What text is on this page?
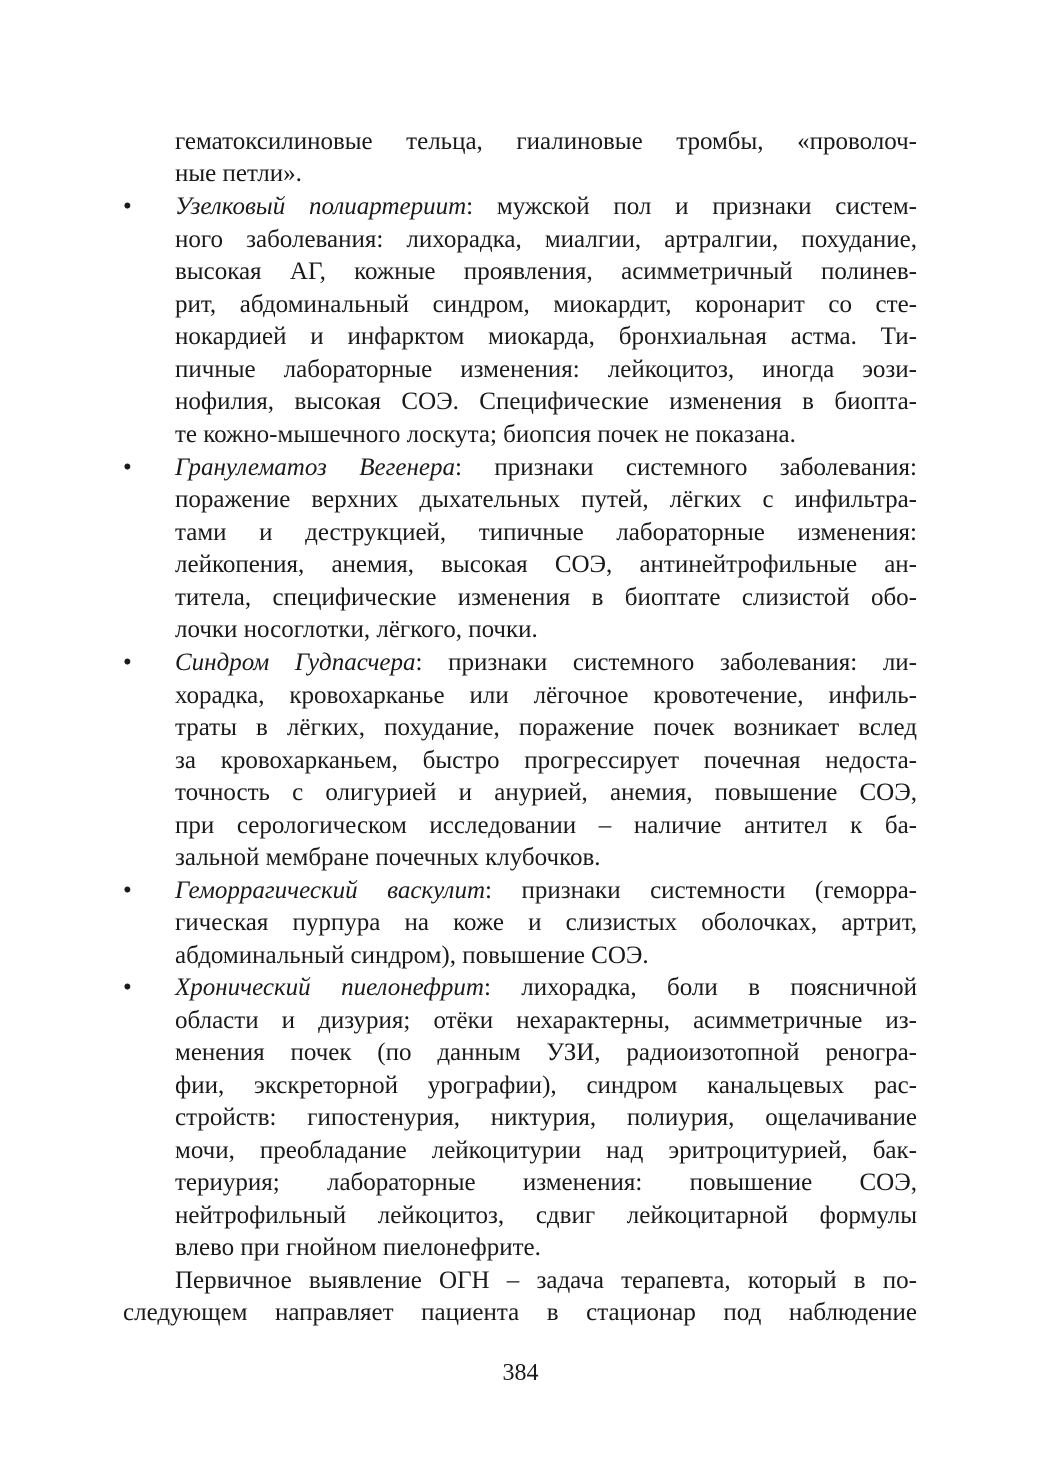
гематоксилиновые тельца, гиалиновые тромбы, «проволоч-
ные петли».
• Узелковый полиартериит: мужской пол и признаки систем-
ного заболевания: лихорадка, миалгии, артралгии, похудание,
высокая АГ, кожные проявления, асимметричный полинев-
рит, абдоминальный синдром, миокардит, коронарит со сте-
нокардией и инфарктом миокарда, бронхиальная астма. Ти-
пичные лабораторные изменения: лейкоцитоз, иногда эози-
нофилия, высокая СОЭ. Специфические изменения в биопта-
те кожно-мышечного лоскута; биопсия почек не показана.
• Гранулематоз Вегенера: признаки системного заболевания:
поражение верхних дыхательных путей, лёгких с инфильтра-
тами и деструкцией, типичные лабораторные изменения:
лейкопения, анемия, высокая СОЭ, антинейтрофильные ан-
титела, специфические изменения в биоптате слизистой обо-
лочки носоглотки, лёгкого, почки.
• Синдром Гудпасчера: признаки системного заболевания: ли-
хорадка, кровохарканье или лёгочное кровотечение, инфиль-
траты в лёгких, похудание, поражение почек возникает вслед
за кровохарканьем, быстро прогрессирует почечная недоста-
точность с олигурией и анурией, анемия, повышение СОЭ,
при серологическом исследовании – наличие антител к ба-
зальной мембране почечных клубочков.
• Геморрагический васкулит: признаки системности (геморра-
гическая пурпура на коже и слизистых оболочках, артрит,
абдоминальный синдром), повышение СОЭ.
• Хронический пиелонефрит: лихорадка, боли в поясничной
области и дизурия; отёки нехарактерны, асимметричные из-
менения почек (по данным УЗИ, радиоизотопной реногра-
фии, экскреторной урографии), синдром канальцевых рас-
стройств: гипостенурия, никтурия, полиурия, ощелачивание
мочи, преобладание лейкоцитурии над эритроцитурией, бак-
териурия; лабораторные изменения: повышение СОЭ,
нейтрофильный лейкоцитоз, сдвиг лейкоцитарной формулы
влево при гнойном пиелонефрите.
Первичное выявление ОГН – задача терапевта, который в по-
следующем направляет пациента в стационар под наблюдение
384
